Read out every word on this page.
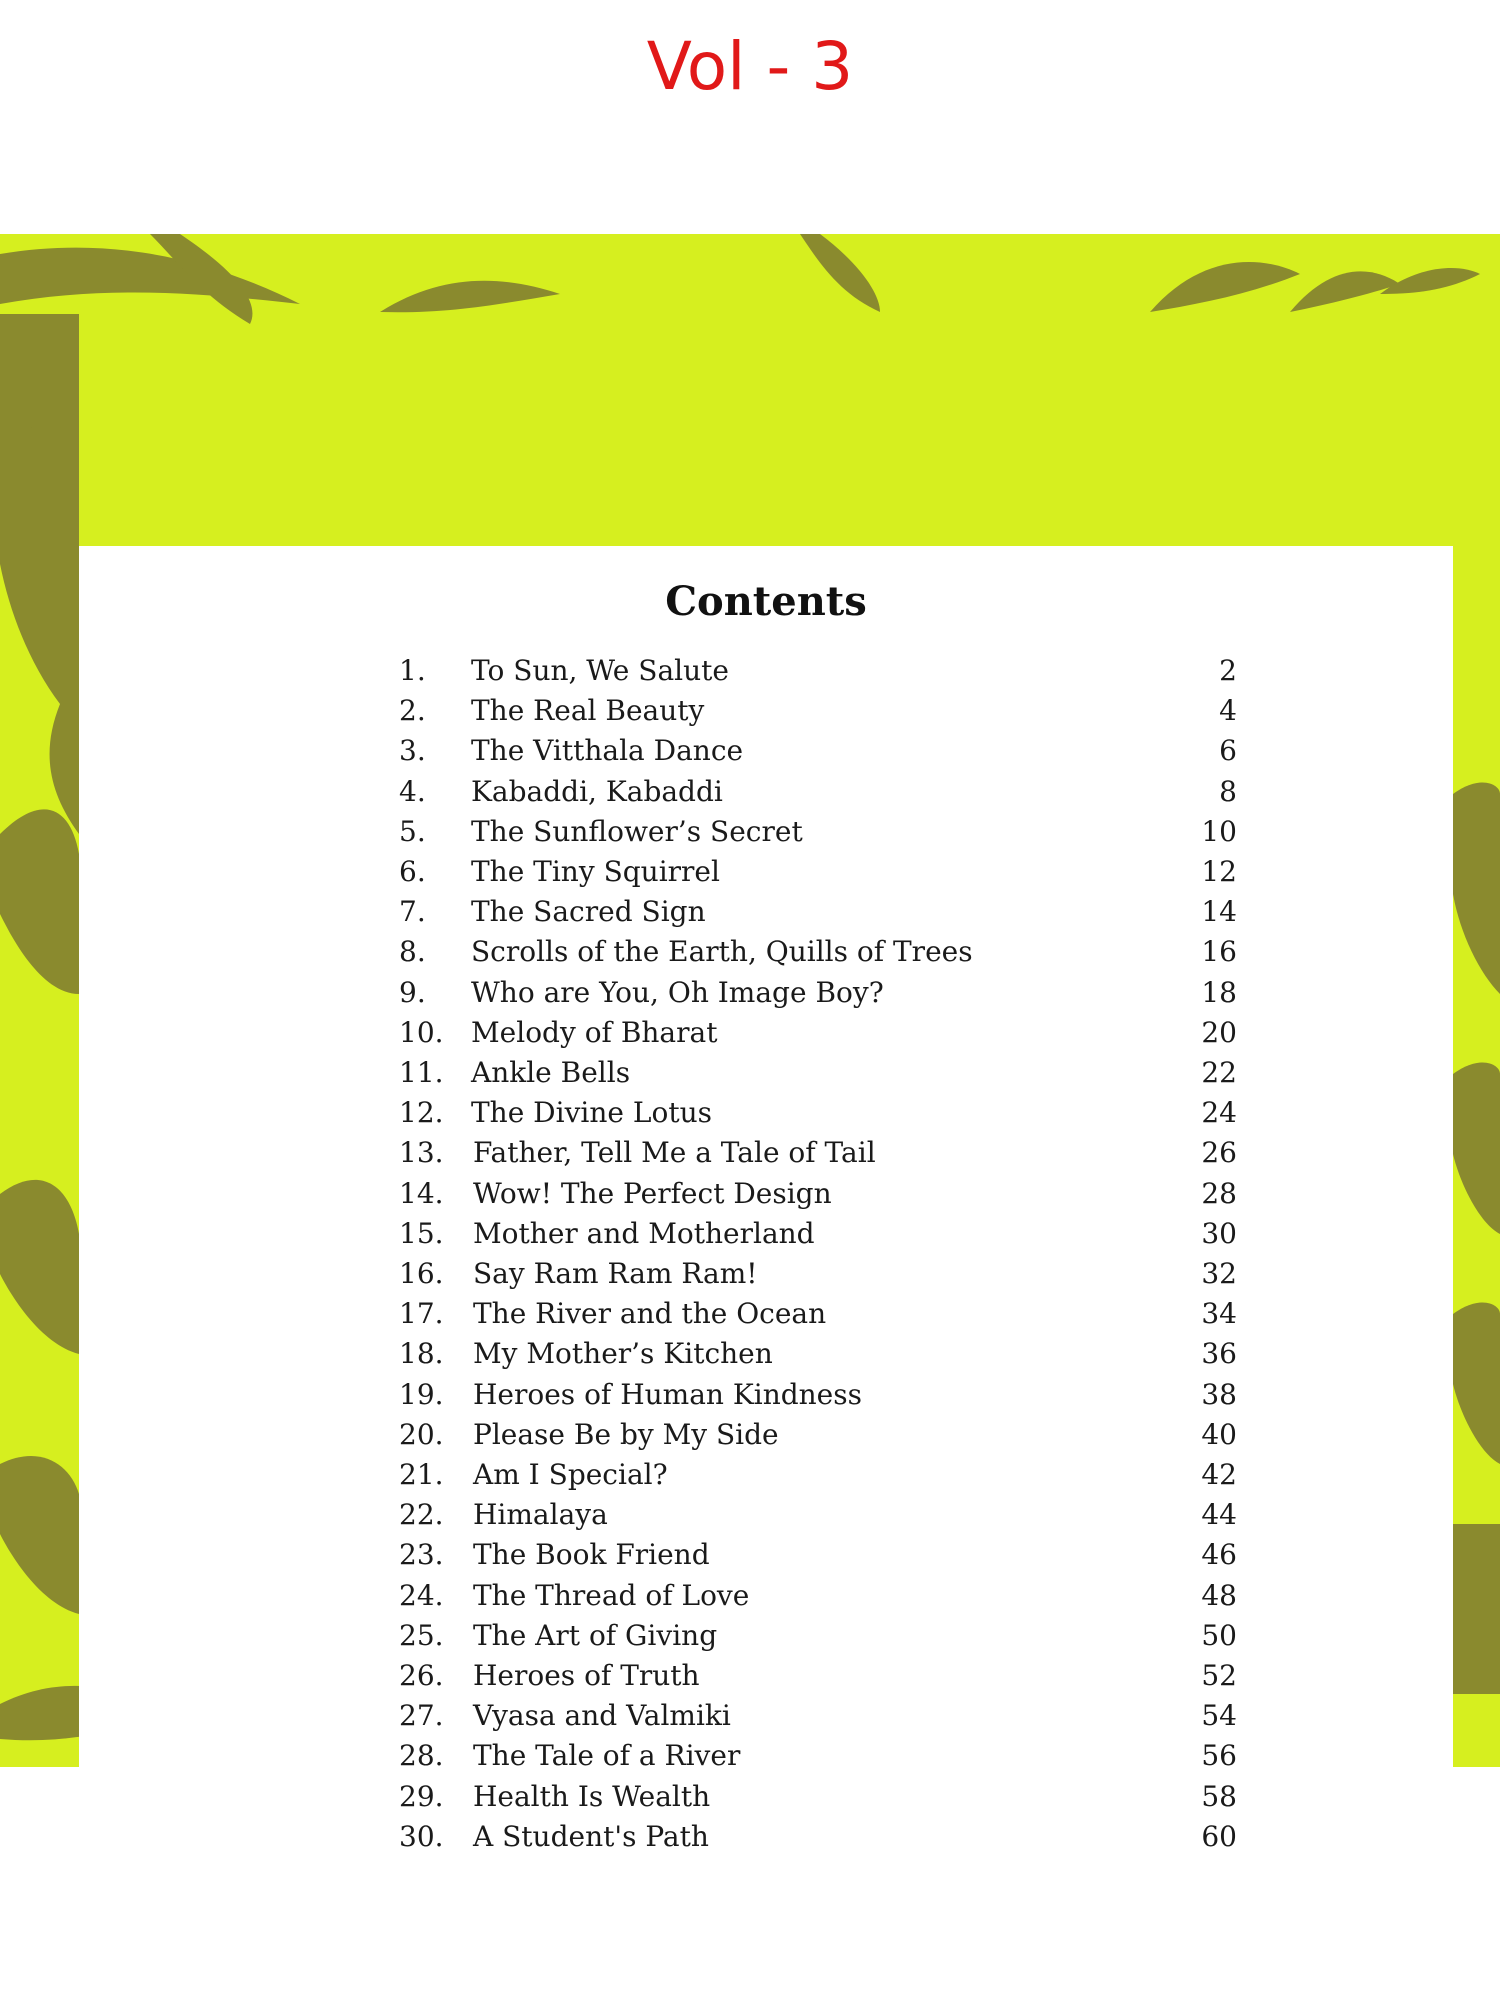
Vol - 3
Contents
1.	To Sun, We Salute	2
2.	The Real Beauty	4
3.	The Vitthala Dance	6
4.	Kabaddi, Kabaddi	8
5.	The Sunflower’s Secret	10
6.	The Tiny Squirrel	12
7.	The Sacred Sign	14
8.	Scrolls of the Earth, Quills of Trees	16
9.	Who are You, Oh Image Boy?	18
10. Melody of Bharat	20
11. Ankle Bells	22
12. The Divine Lotus	24
13.	Father, Tell Me a Tale of Tail	26
14.	Wow! The Perfect Design	28
15.	Mother and Motherland	30
16.	Say Ram Ram Ram!	32
17.	The River and the Ocean	34
18.	My Mother’s Kitchen	36
19.	Heroes of Human Kindness	38
20.	Please Be by My Side	40
21.	Am I Special?	42
22.	Himalaya	44
23.	The Book Friend	46
24.	The Thread of Love	48
25.	The Art of Giving	50
26.	Heroes of Truth	52
27.	Vyasa and Valmiki	54
28.	The Tale of a River	56
29.	Health Is Wealth	58
30.	A Student's Path	60
